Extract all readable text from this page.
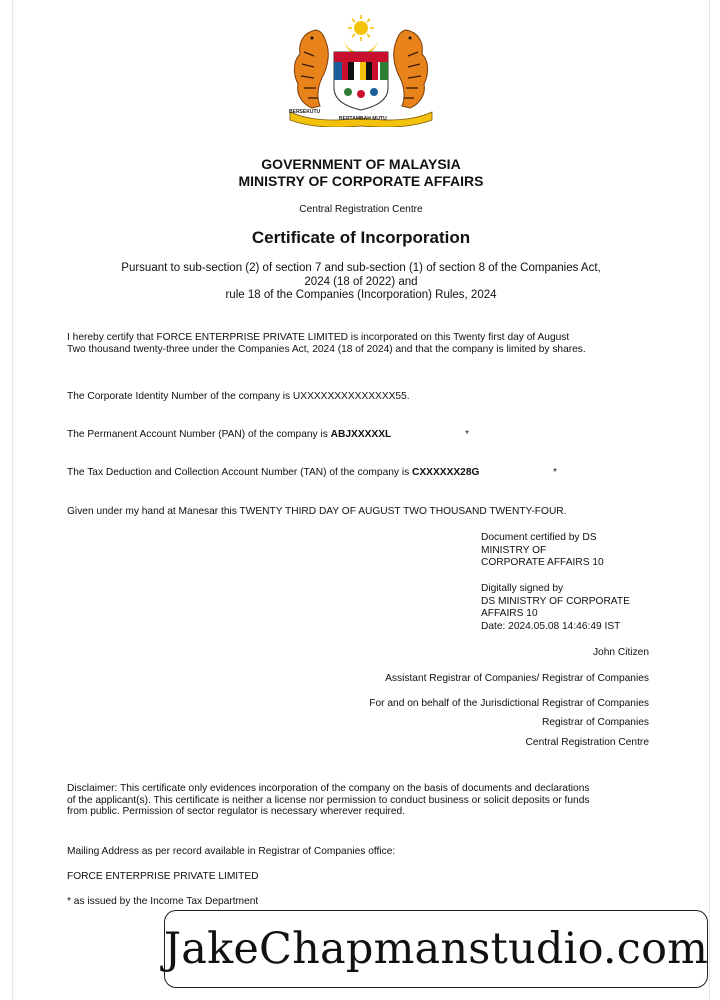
BERSEKUTU
BERTAMBAH MUTU
GOVERNMENT OF MALAYSIA
MINISTRY OF CORPORATE AFFAIRS
Central Registration Centre
Certificate of Incorporation
Pursuant to sub-section (2) of section 7 and sub-section (1) of section 8 of the Companies Act,
2024 (18 of 2022) and
rule 18 of the Companies (Incorporation) Rules, 2024
I hereby certify that FORCE ENTERPRISE PRIVATE LIMITED is incorporated on this Twenty first day of August
Two thousand twenty-three under the Companies Act, 2024 (18 of 2024) and that the company is limited by shares.
The Corporate Identity Number of the company is UXXXXXXXXXXXXXX55.
The Permanent Account Number (PAN) of the company is ABJXXXXXL	*
The Tax Deduction and Collection Account Number (TAN) of the company is CXXXXXX28G	*
Given under my hand at Manesar this TWENTY THIRD DAY OF AUGUST TWO THOUSAND TWENTY-FOUR.
Document certified by DS
MINISTRY OF
CORPORATE AFFAIRS 10
Digitally signed by
DS MINISTRY OF CORPORATE
AFFAIRS 10
Date: 2024.05.08 14:46:49 IST
John Citizen
Assistant Registrar of Companies/ Registrar of Companies
For and on behalf of the Jurisdictional Registrar of Companies
Registrar of Companies
Central Registration Centre
Disclaimer: This certificate only evidences incorporation of the company on the basis of documents and declarations
of the applicant(s). This certificate is neither a license nor permission to conduct business or solicit deposits or funds
from public. Permission of sector regulator is necessary wherever required.
Mailing Address as per record available in Registrar of Companies office:
FORCE ENTERPRISE PRIVATE LIMITED
* as issued by the Income Tax Department
JakeChapmanstudio.com
